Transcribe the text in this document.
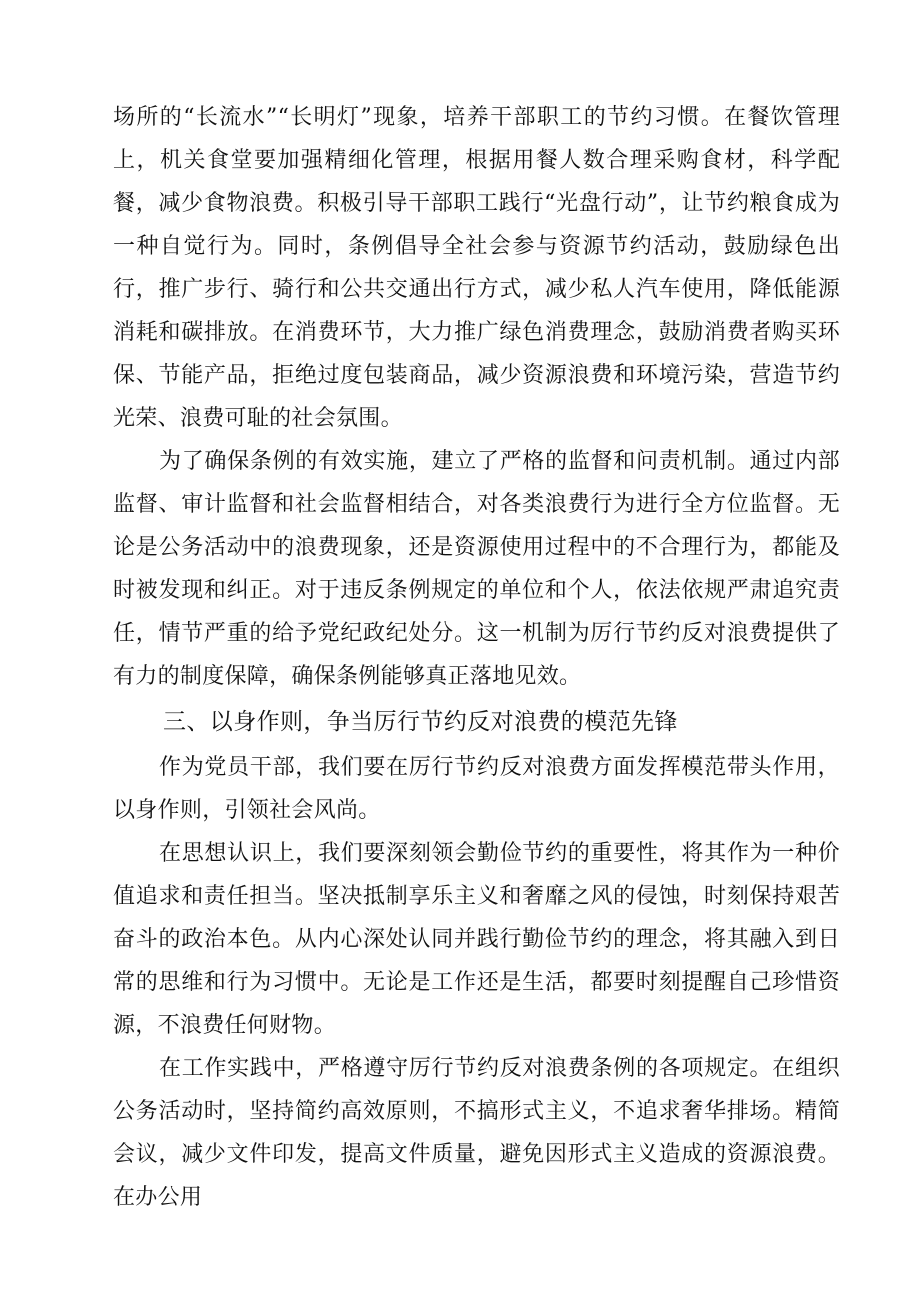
场所的“长流水”“长明灯”现象，培养干部职工的节约习惯。在餐饮管理上，机关食堂要加强精细化管理，根据用餐人数合理采购食材，科学配餐，减少食物浪费。积极引导干部职工践行“光盘行动”，让节约粮食成为一种自觉行为。同时，条例倡导全社会参与资源节约活动，鼓励绿色出行，推广步行、骑行和公共交通出行方式，减少私人汽车使用，降低能源消耗和碳排放。在消费环节，大力推广绿色消费理念，鼓励消费者购买环保、节能产品，拒绝过度包装商品，减少资源浪费和环境污染，营造节约光荣、浪费可耻的社会氛围。

为了确保条例的有效实施，建立了严格的监督和问责机制。通过内部监督、审计监督和社会监督相结合，对各类浪费行为进行全方位监督。无论是公务活动中的浪费现象，还是资源使用过程中的不合理行为，都能及时被发现和纠正。对于违反条例规定的单位和个人，依法依规严肃追究责任，情节严重的给予党纪政纪处分。这一机制为厉行节约反对浪费提供了有力的制度保障，确保条例能够真正落地见效。

三、以身作则，争当厉行节约反对浪费的模范先锋

作为党员干部，我们要在厉行节约反对浪费方面发挥模范带头作用，以身作则，引领社会风尚。

在思想认识上，我们要深刻领会勤俭节约的重要性，将其作为一种价值追求和责任担当。坚决抵制享乐主义和奢靡之风的侵蚀，时刻保持艰苦奋斗的政治本色。从内心深处认同并践行勤俭节约的理念，将其融入到日常的思维和行为习惯中。无论是工作还是生活，都要时刻提醒自己珍惜资源，不浪费任何财物。

在工作实践中，严格遵守厉行节约反对浪费条例的各项规定。在组织公务活动时，坚持简约高效原则，不搞形式主义，不追求奢华排场。精简会议，减少文件印发，提高文件质量，避免因形式主义造成的资源浪费。在办公用
